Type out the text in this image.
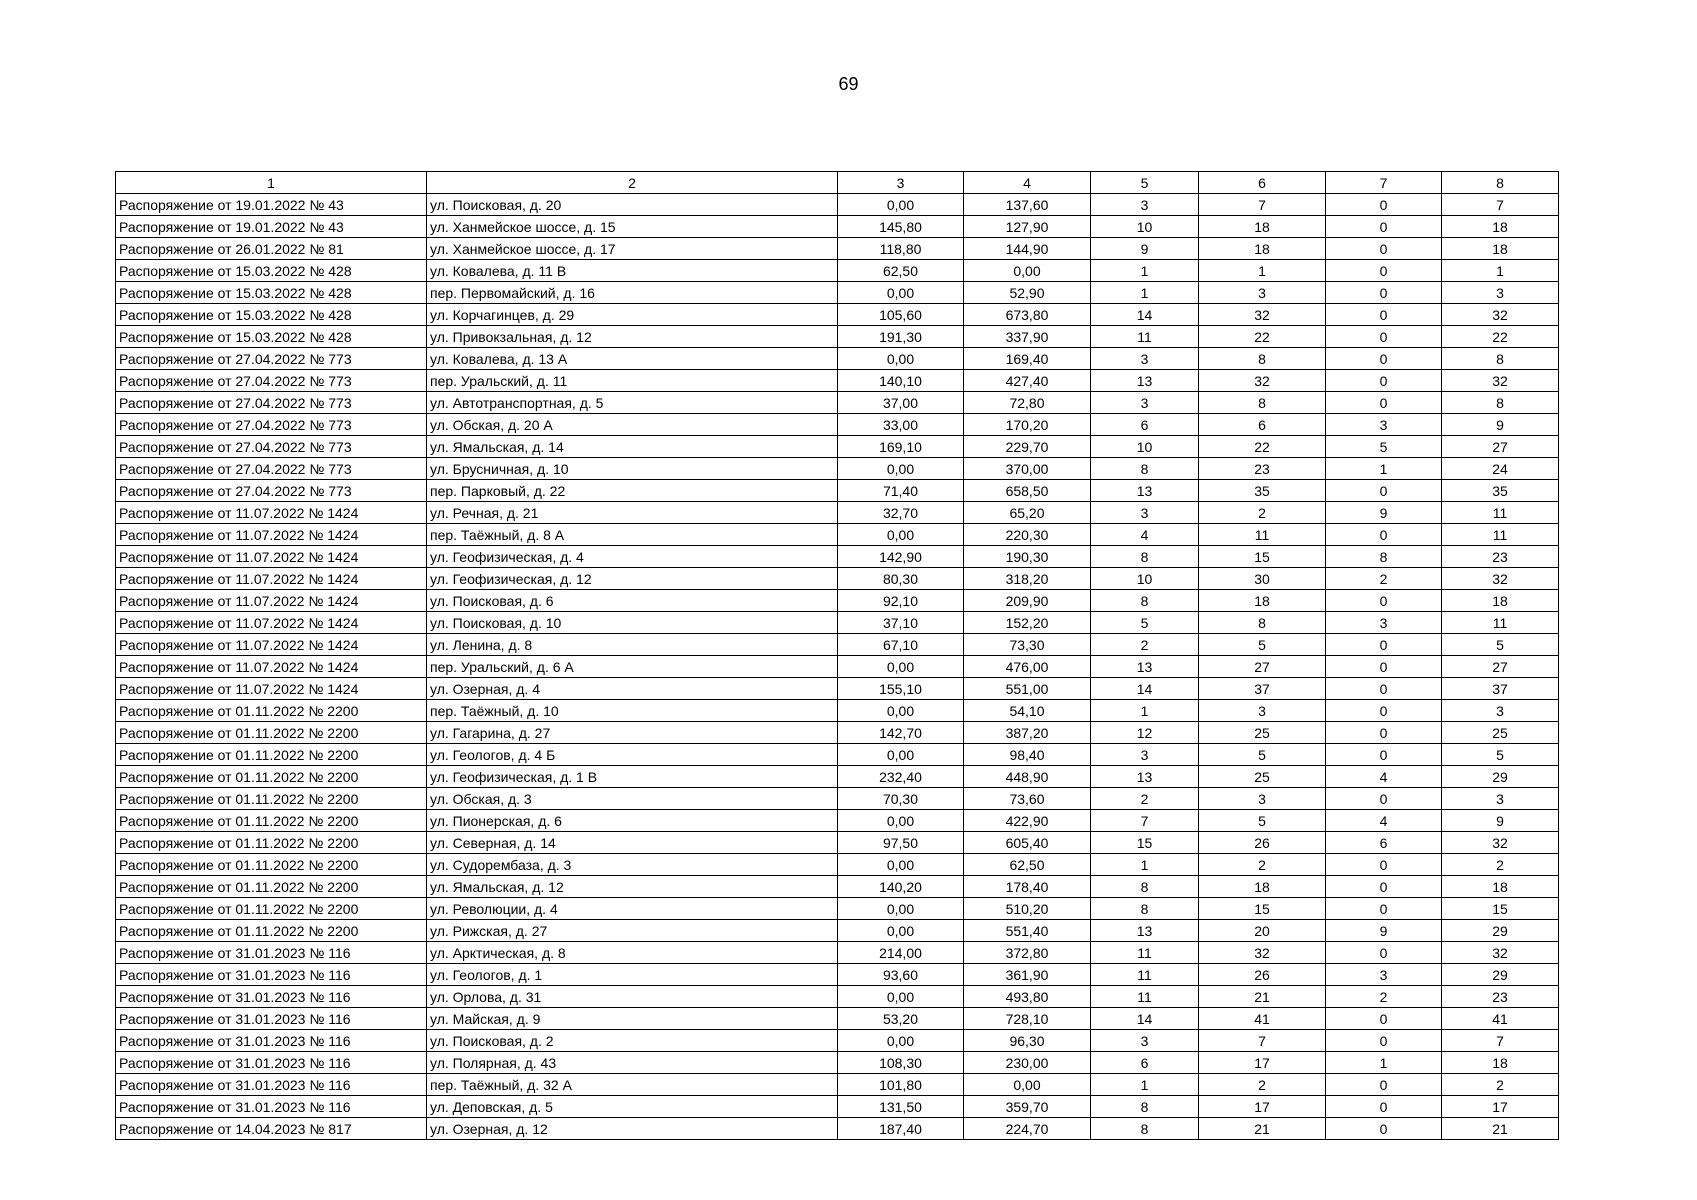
69
1	2	3	4	5	6	7	8
Распоряжение от 19.01.2022 № 43	ул. Поисковая, д. 20	0,00	137,60	3	7	0	7
Распоряжение от 19.01.2022 № 43	ул. Ханмейское шоссе, д. 15	145,80	127,90	10	18	0	18
Распоряжение от 26.01.2022 № 81	ул. Ханмейское шоссе, д. 17	118,80	144,90	9	18	0	18
Распоряжение от 15.03.2022 № 428	ул. Ковалева, д. 11 В	62,50	0,00	1	1	0	1
Распоряжение от 15.03.2022 № 428	пер. Первомайский, д. 16	0,00	52,90	1	3	0	3
Распоряжение от 15.03.2022 № 428	ул. Корчагинцев, д. 29	105,60	673,80	14	32	0	32
Распоряжение от 15.03.2022 № 428	ул. Привокзальная, д. 12	191,30	337,90	11	22	0	22
Распоряжение от 27.04.2022 № 773	ул. Ковалева, д. 13 А	0,00	169,40	3	8	0	8
Распоряжение от 27.04.2022 № 773	пер. Уральский, д. 11	140,10	427,40	13	32	0	32
Распоряжение от 27.04.2022 № 773	ул. Автотранспортная, д. 5	37,00	72,80	3	8	0	8
Распоряжение от 27.04.2022 № 773	ул. Обская, д. 20 А	33,00	170,20	6	6	3	9
Распоряжение от 27.04.2022 № 773	ул. Ямальская, д. 14	169,10	229,70	10	22	5	27
Распоряжение от 27.04.2022 № 773	ул. Брусничная, д. 10	0,00	370,00	8	23	1	24
Распоряжение от 27.04.2022 № 773	пер. Парковый, д. 22	71,40	658,50	13	35	0	35
Распоряжение от 11.07.2022 № 1424	ул. Речная, д. 21	32,70	65,20	3	2	9	11
Распоряжение от 11.07.2022 № 1424	пер. Таёжный, д. 8 А	0,00	220,30	4	11	0	11
Распоряжение от 11.07.2022 № 1424	ул. Геофизическая, д. 4	142,90	190,30	8	15	8	23
Распоряжение от 11.07.2022 № 1424	ул. Геофизическая, д. 12	80,30	318,20	10	30	2	32
Распоряжение от 11.07.2022 № 1424	ул. Поисковая, д. 6	92,10	209,90	8	18	0	18
Распоряжение от 11.07.2022 № 1424	ул. Поисковая, д. 10	37,10	152,20	5	8	3	11
Распоряжение от 11.07.2022 № 1424	ул. Ленина, д. 8	67,10	73,30	2	5	0	5
Распоряжение от 11.07.2022 № 1424	пер. Уральский, д. 6 А	0,00	476,00	13	27	0	27
Распоряжение от 11.07.2022 № 1424	ул. Озерная, д. 4	155,10	551,00	14	37	0	37
Распоряжение от 01.11.2022 № 2200	пер. Таёжный, д. 10	0,00	54,10	1	3	0	3
Распоряжение от 01.11.2022 № 2200	ул. Гагарина, д. 27	142,70	387,20	12	25	0	25
Распоряжение от 01.11.2022 № 2200	ул. Геологов, д. 4 Б	0,00	98,40	3	5	0	5
Распоряжение от 01.11.2022 № 2200	ул. Геофизическая, д. 1 В	232,40	448,90	13	25	4	29
Распоряжение от 01.11.2022 № 2200	ул. Обская, д. 3	70,30	73,60	2	3	0	3
Распоряжение от 01.11.2022 № 2200	ул. Пионерская, д. 6	0,00	422,90	7	5	4	9
Распоряжение от 01.11.2022 № 2200	ул. Северная, д. 14	97,50	605,40	15	26	6	32
Распоряжение от 01.11.2022 № 2200	ул. Судорембаза, д. 3	0,00	62,50	1	2	0	2
Распоряжение от 01.11.2022 № 2200	ул. Ямальская, д. 12	140,20	178,40	8	18	0	18
Распоряжение от 01.11.2022 № 2200	ул. Революции, д. 4	0,00	510,20	8	15	0	15
Распоряжение от 01.11.2022 № 2200	ул. Рижская, д. 27	0,00	551,40	13	20	9	29
Распоряжение от 31.01.2023 № 116	ул. Арктическая, д. 8	214,00	372,80	11	32	0	32
Распоряжение от 31.01.2023 № 116	ул. Геологов, д. 1	93,60	361,90	11	26	3	29
Распоряжение от 31.01.2023 № 116	ул. Орлова, д. 31	0,00	493,80	11	21	2	23
Распоряжение от 31.01.2023 № 116	ул. Майская, д. 9	53,20	728,10	14	41	0	41
Распоряжение от 31.01.2023 № 116	ул. Поисковая, д. 2	0,00	96,30	3	7	0	7
Распоряжение от 31.01.2023 № 116	ул. Полярная, д. 43	108,30	230,00	6	17	1	18
Распоряжение от 31.01.2023 № 116	пер. Таёжный, д. 32 А	101,80	0,00	1	2	0	2
Распоряжение от 31.01.2023 № 116	ул. Деповская, д. 5	131,50	359,70	8	17	0	17
Распоряжение от 14.04.2023 № 817	ул. Озерная, д. 12	187,40	224,70	8	21	0	21
